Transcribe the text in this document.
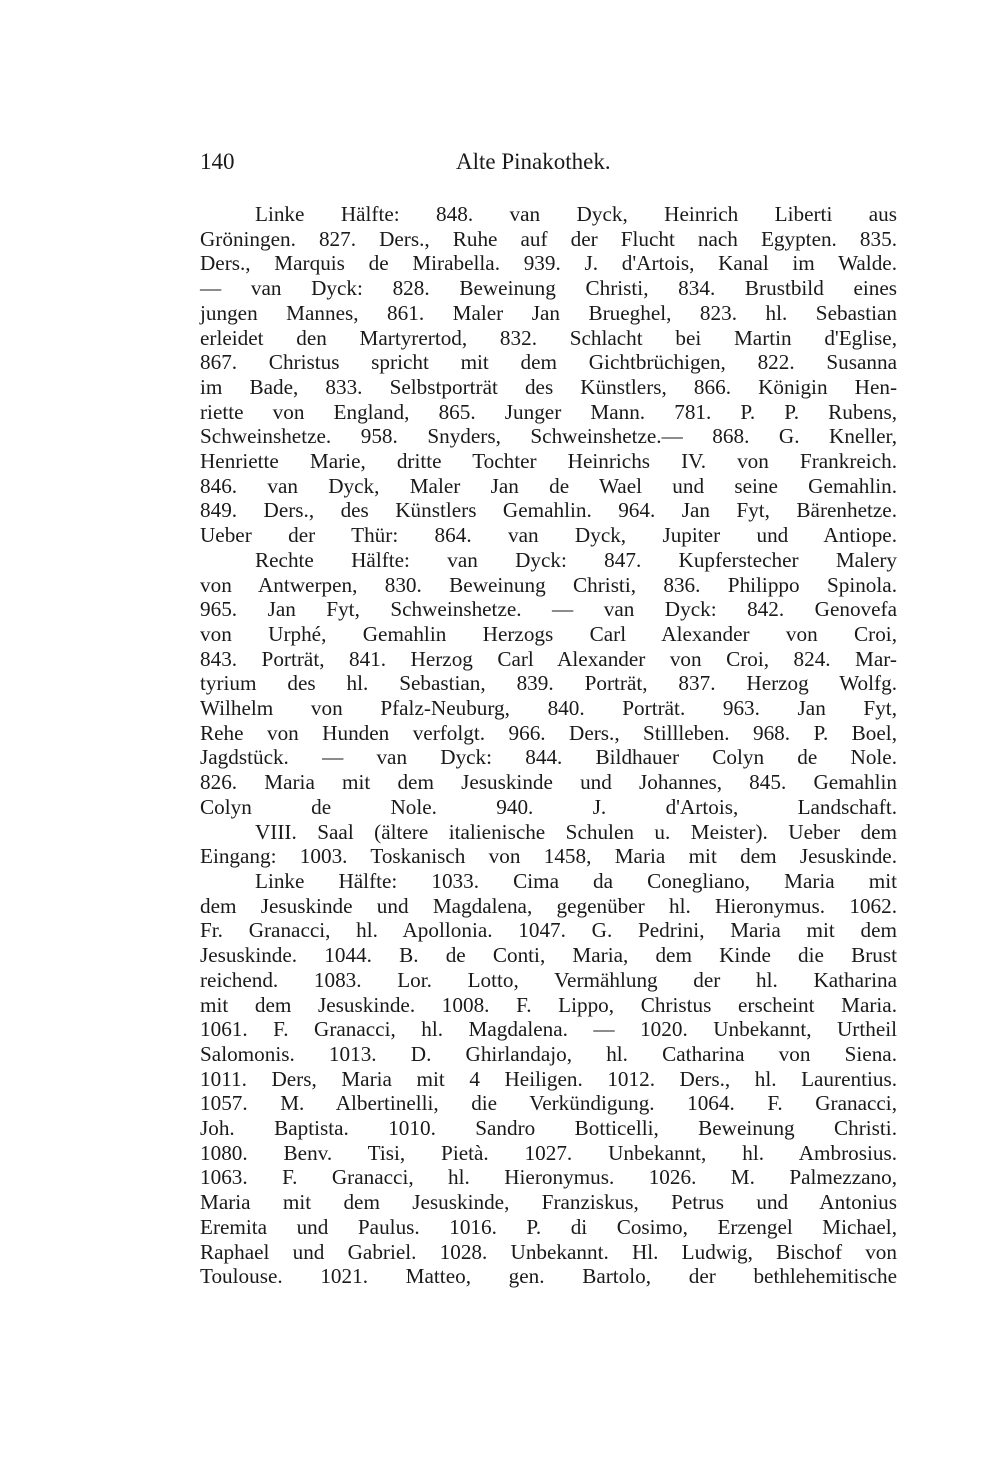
140	Alte Pinakothek.

Linke Hälfte: 848. van Dyck, Heinrich Liberti aus
Gröningen. 827. Ders., Ruhe auf der Flucht nach Egypten. 835.
Ders., Marquis de Mirabella. 939. J. d'Artois, Kanal im Walde.
— van Dyck: 828. Beweinung Christi, 834. Brustbild eines
jungen Mannes, 861. Maler Jan Brueghel, 823. hl. Sebastian
erleidet den Martyrertod, 832. Schlacht bei Martin d'Eglise,
867. Christus spricht mit dem Gichtbrüchigen, 822. Susanna
im Bade, 833. Selbstporträt des Künstlers, 866. Königin Hen-
riette von England, 865. Junger Mann. 781. P. P. Rubens,
Schweinshetze. 958. Snyders, Schweinshetze.— 868. G. Kneller,
Henriette Marie, dritte Tochter Heinrichs IV. von Frankreich.
846. van Dyck, Maler Jan de Wael und seine Gemahlin.
849. Ders., des Künstlers Gemahlin. 964. Jan Fyt, Bärenhetze.
Ueber der Thür: 864. van Dyck, Jupiter und Antiope.

Rechte Hälfte: van Dyck: 847. Kupferstecher Malery
von Antwerpen, 830. Beweinung Christi, 836. Philippo Spinola.
965. Jan Fyt, Schweinshetze. — van Dyck: 842. Genovefa
von Urphé, Gemahlin Herzogs Carl Alexander von Croi,
843. Porträt, 841. Herzog Carl Alexander von Croi, 824. Mar-
tyrium des hl. Sebastian, 839. Porträt, 837. Herzog Wolfg.
Wilhelm von Pfalz-Neuburg, 840. Porträt. 963. Jan Fyt,
Rehe von Hunden verfolgt. 966. Ders., Stillleben. 968. P. Boel,
Jagdstück. — van Dyck: 844. Bildhauer Colyn de Nole.
826. Maria mit dem Jesuskinde und Johannes, 845. Gemahlin
Colyn de Nole. 940. J. d'Artois, Landschaft.

VIII. Saal (ältere italienische Schulen u. Meister). Ueber dem
Eingang: 1003. Toskanisch von 1458, Maria mit dem Jesuskinde.

Linke Hälfte: 1033. Cima da Conegliano, Maria mit
dem Jesuskinde und Magdalena, gegenüber hl. Hieronymus. 1062.
Fr. Granacci, hl. Apollonia. 1047. G. Pedrini, Maria mit dem
Jesuskinde. 1044. B. de Conti, Maria, dem Kinde die Brust
reichend. 1083. Lor. Lotto, Vermählung der hl. Katharina
mit dem Jesuskinde. 1008. F. Lippo, Christus erscheint Maria.
1061. F. Granacci, hl. Magdalena. — 1020. Unbekannt, Urtheil
Salomonis. 1013. D. Ghirlandajo, hl. Catharina von Siena.
1011. Ders, Maria mit 4 Heiligen. 1012. Ders., hl. Laurentius.
1057. M. Albertinelli, die Verkündigung. 1064. F. Granacci,
Joh. Baptista. 1010. Sandro Botticelli, Beweinung Christi.
1080. Benv. Tisi, Pietà. 1027. Unbekannt, hl. Ambrosius.
1063. F. Granacci, hl. Hieronymus. 1026. M. Palmezzano,
Maria mit dem Jesuskinde, Franziskus, Petrus und Antonius
Eremita und Paulus. 1016. P. di Cosimo, Erzengel Michael,
Raphael und Gabriel. 1028. Unbekannt. Hl. Ludwig, Bischof von
Toulouse. 1021. Matteo, gen. Bartolo, der bethlehemitische
